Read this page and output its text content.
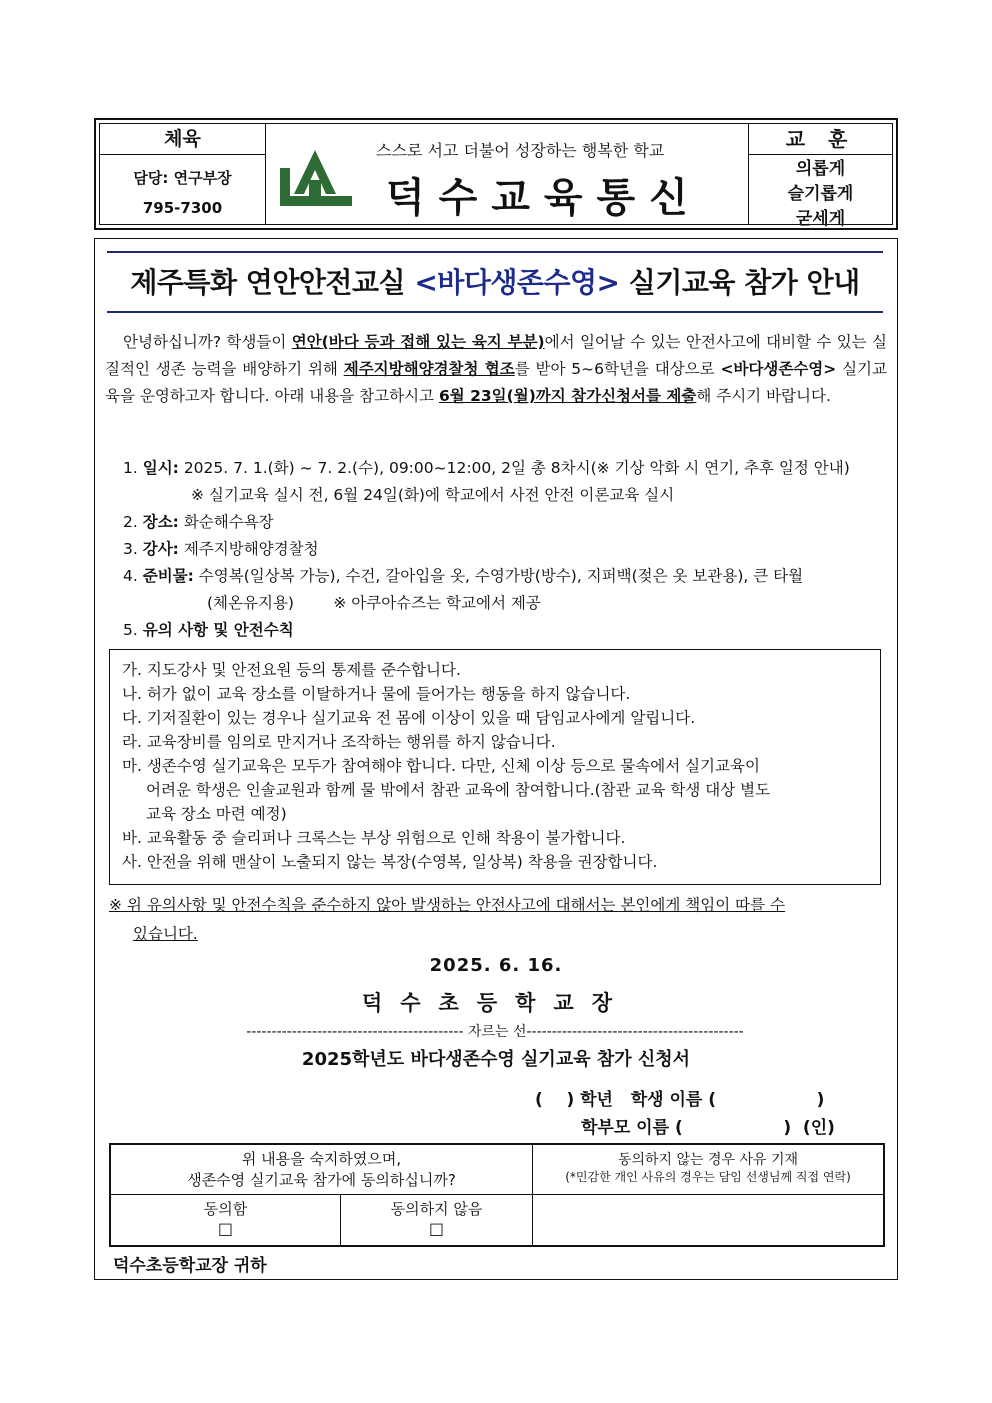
체육
담당: 연구부장
795-7300
스스로 서고 더불어 성장하는 행복한 학교
덕수교육통신
교 훈
의롭게
슬기롭게
굳세게
제주특화 연안안전교실 <바다생존수영> 실기교육 참가 안내
안녕하십니까? 학생들이 연안(바다 등과 접해 있는 육지 부분)에서 일어날 수 있는 안전사고에 대비할 수 있는 실질적인 생존 능력을 배양하기 위해 제주지방해양경찰청 협조를 받아 5~6학년을 대상으로 <바다생존수영> 실기교육을 운영하고자 합니다. 아래 내용을 참고하시고 6월 23일(월)까지 참가신청서를 제출해 주시기 바랍니다.
1. 일시: 2025. 7. 1.(화) ~ 7. 2.(수), 09:00~12:00, 2일 총 8차시(※ 기상 악화 시 연기, 추후 일정 안내)
※ 실기교육 실시 전, 6월 24일(화)에 학교에서 사전 안전 이론교육 실시
2. 장소: 화순해수욕장
3. 강사: 제주지방해양경찰청
4. 준비물: 수영복(일상복 가능), 수건, 갈아입을 옷, 수영가방(방수), 지퍼백(젖은 옷 보관용), 큰 타월
(체온유지용)        ※ 아쿠아슈즈는 학교에서 제공
5. 유의 사항 및 안전수칙
가. 지도강사 및 안전요원 등의 통제를 준수합니다.
나. 허가 없이 교육 장소를 이탈하거나 물에 들어가는 행동을 하지 않습니다.
다. 기저질환이 있는 경우나 실기교육 전 몸에 이상이 있을 때 담임교사에게 알립니다.
라. 교육장비를 임의로 만지거나 조작하는 행위를 하지 않습니다.
마. 생존수영 실기교육은 모두가 참여해야 합니다. 다만, 신체 이상 등으로 물속에서 실기교육이
어려운 학생은 인솔교원과 함께 물 밖에서 참관 교육에 참여합니다.(참관 교육 학생 대상 별도
교육 장소 마련 예정)
바. 교육활동 중 슬리퍼나 크록스는 부상 위험으로 인해 착용이 불가합니다.
사. 안전을 위해 맨살이 노출되지 않는 복장(수영복, 일상복) 착용을 권장합니다.
※ 위 유의사항 및 안전수칙을 준수하지 않아 발생하는 안전사고에 대해서는 본인에게 책임이 따를 수
있습니다.
2025. 6. 16.
덕수초등학교장
------------------------------------------- 자르는 선-------------------------------------------
2025학년도 바다생존수영 실기교육 참가 신청서
(    ) 학년   학생 이름 (                 )
학부모 이름 (                 )  (인)
위 내용을 숙지하였으며,
생존수영 실기교육 참가에 동의하십니까?
동의하지 않는 경우 사유 기재
(*민감한 개인 사유의 경우는 담임 선생님께 직접 연락)
동의함
☐
동의하지 않음
☐
덕수초등학교장 귀하
